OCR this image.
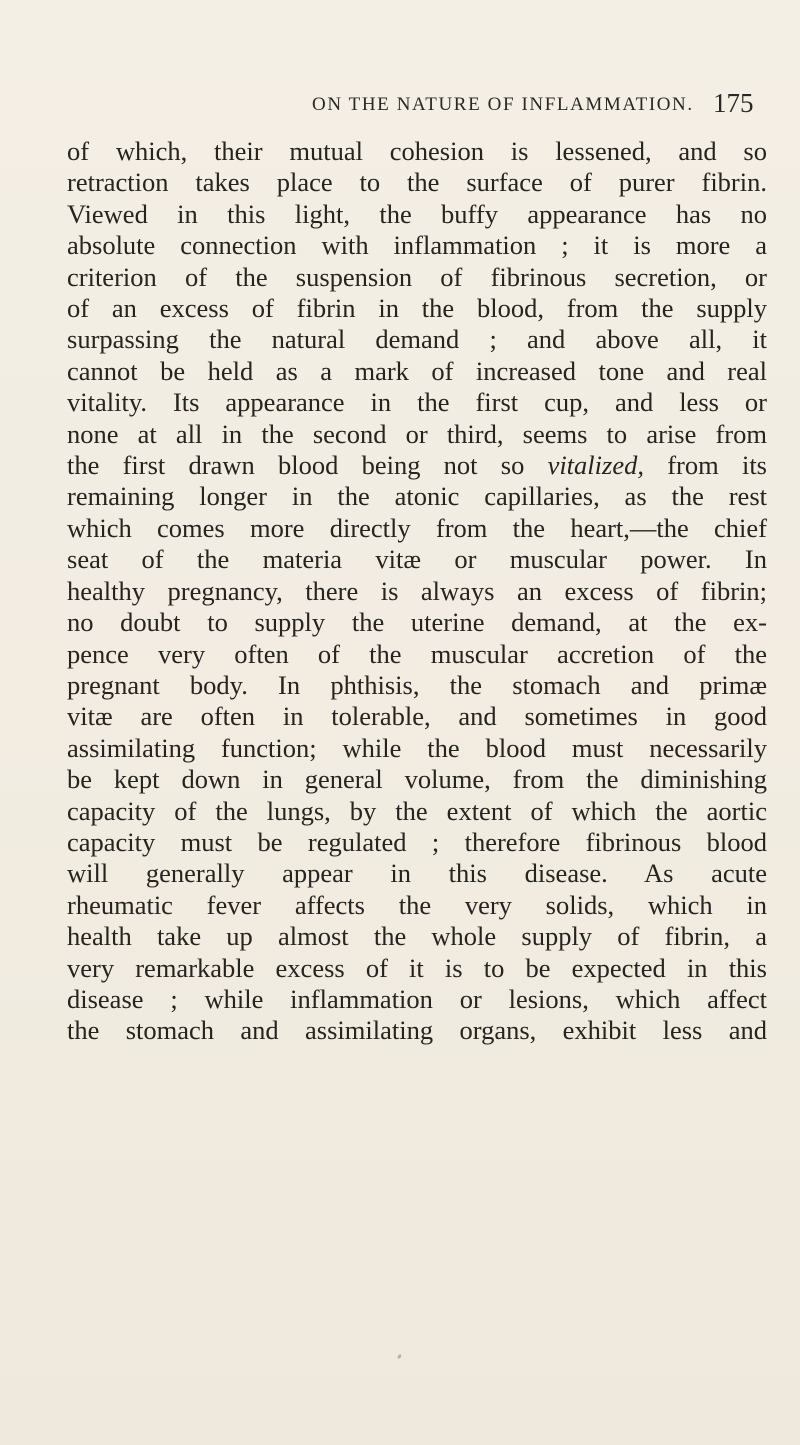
ON THE NATURE OF INFLAMMATION. 175
of which, their mutual cohesion is lessened, and so
retraction takes place to the surface of purer fibrin.
Viewed in this light, the buffy appearance has no
absolute connection with inflammation ; it is more a
criterion of the suspension of fibrinous secretion, or
of an excess of fibrin in the blood, from the supply
surpassing the natural demand ; and above all, it
cannot be held as a mark of increased tone and real
vitality. Its appearance in the first cup, and less or
none at all in the second or third, seems to arise from
the first drawn blood being not so vitalized, from its
remaining longer in the atonic capillaries, as the rest
which comes more directly from the heart,—the chief
seat of the materia vitæ or muscular power. In
healthy pregnancy, there is always an excess of fibrin;
no doubt to supply the uterine demand, at the ex-
pence very often of the muscular accretion of the
pregnant body. In phthisis, the stomach and primæ
vitæ are often in tolerable, and sometimes in good
assimilating function; while the blood must necessarily
be kept down in general volume, from the diminishing
capacity of the lungs, by the extent of which the aortic
capacity must be regulated ; therefore fibrinous blood
will generally appear in this disease. As acute
rheumatic fever affects the very solids, which in
health take up almost the whole supply of fibrin, a
very remarkable excess of it is to be expected in this
disease ; while inflammation or lesions, which affect
the stomach and assimilating organs, exhibit less and
